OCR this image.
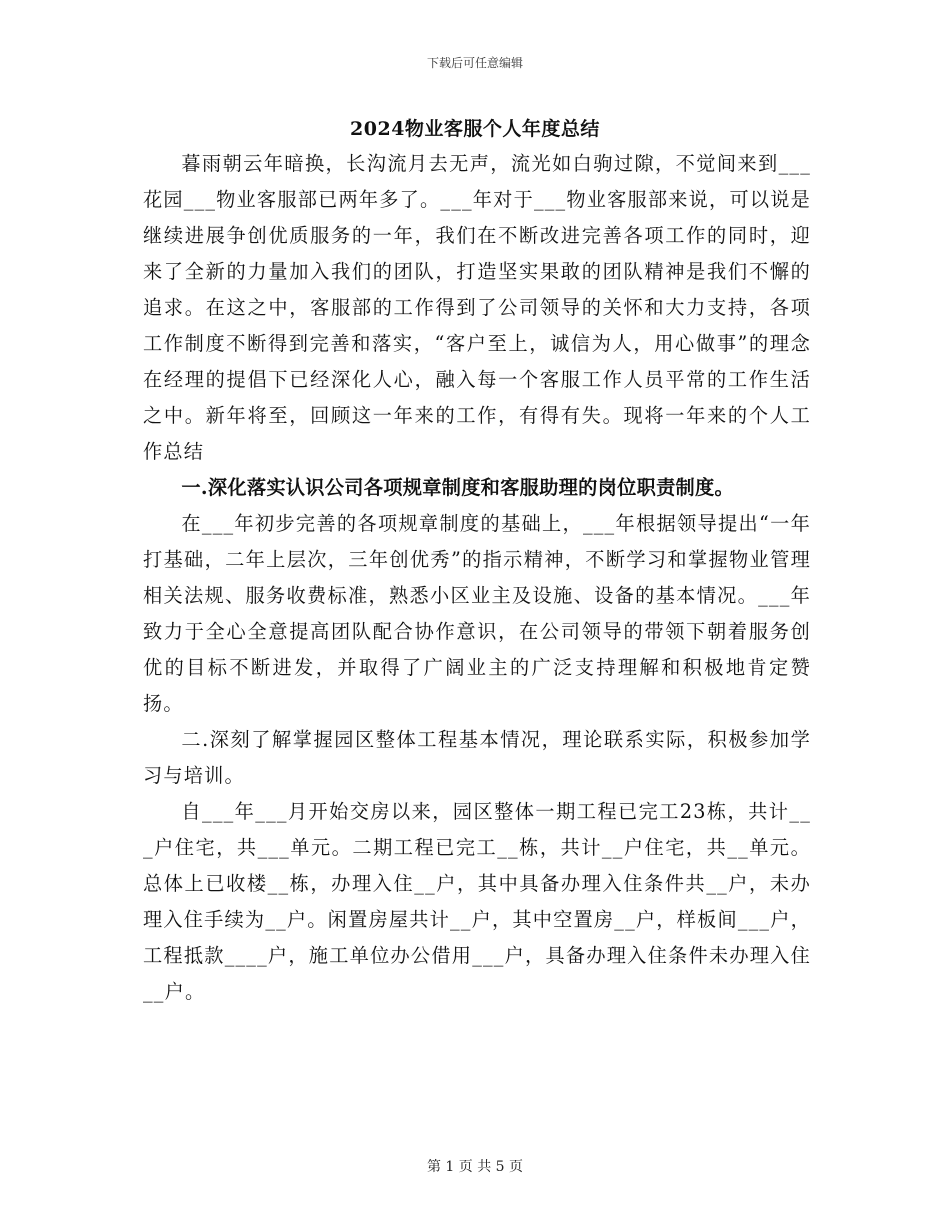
下载后可任意编辑
2024物业客服个人年度总结

暮雨朝云年暗换，长沟流月去无声，流光如白驹过隙，不觉间来到___花园___物业客服部已两年多了。___年对于___物业客服部来说，可以说是继续进展争创优质服务的一年，我们在不断改进完善各项工作的同时，迎来了全新的力量加入我们的团队，打造坚实果敢的团队精神是我们不懈的追求。在这之中，客服部的工作得到了公司领导的关怀和大力支持，各项工作制度不断得到完善和落实，“客户至上，诚信为人，用心做事”的理念在经理的提倡下已经深化人心，融入每一个客服工作人员平常的工作生活之中。新年将至，回顾这一年来的工作，有得有失。现将一年来的个人工作总结

一.深化落实认识公司各项规章制度和客服助理的岗位职责制度。

在___年初步完善的各项规章制度的基础上，___年根据领导提出“一年打基础，二年上层次，三年创优秀”的指示精神，不断学习和掌握物业管理相关法规、服务收费标准，熟悉小区业主及设施、设备的基本情况。___年致力于全心全意提高团队配合协作意识，在公司领导的带领下朝着服务创优的目标不断进发，并取得了广阔业主的广泛支持理解和积极地肯定赞扬。

二.深刻了解掌握园区整体工程基本情况，理论联系实际，积极参加学习与培训。

自___年___月开始交房以来，园区整体一期工程已完工23栋，共计___户住宅，共___单元。二期工程已完工__栋，共计__户住宅，共__单元。总体上已收楼__栋，办理入住__户，其中具备办理入住条件共__户，未办理入住手续为__户。闲置房屋共计__户，其中空置房__户，样板间___户，工程抵款____户，施工单位办公借用___户，具备办理入住条件未办理入住__户。

第 1 页 共 5 页
